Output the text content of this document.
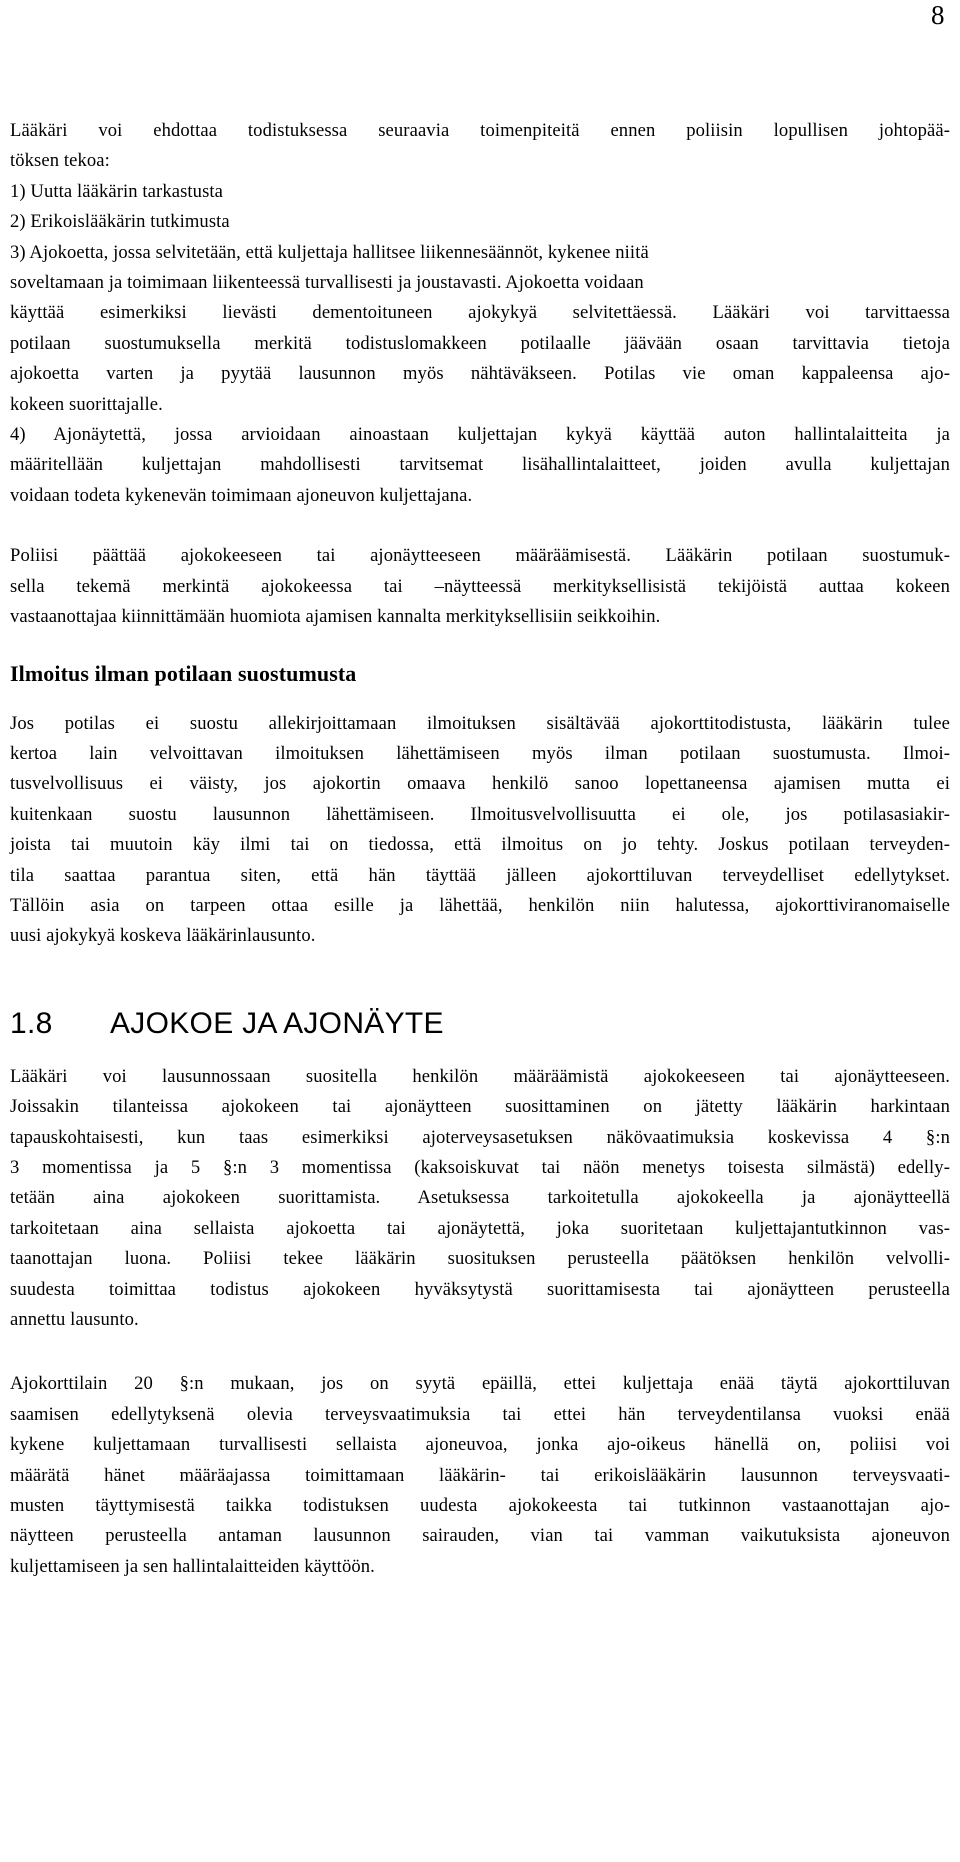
8
Lääkäri voi ehdottaa todistuksessa seuraavia toimenpiteitä ennen poliisin lopullisen johtopää-
töksen tekoa:
1) Uutta lääkärin tarkastusta
2) Erikoislääkärin tutkimusta
3) Ajokoetta, jossa selvitetään, että kuljettaja hallitsee liikennesäännöt, kykenee niitä
soveltamaan ja toimimaan liikenteessä turvallisesti ja joustavasti. Ajokoetta voidaan
käyttää esimerkiksi lievästi dementoituneen ajokykyä selvitettäessä. Lääkäri voi tarvittaessa
potilaan suostumuksella merkitä todistuslomakkeen potilaalle jäävään osaan tarvittavia tietoja
ajokoetta varten ja pyytää lausunnon myös nähtäväkseen. Potilas vie oman kappaleensa ajo-
kokeen suorittajalle.
4) Ajonäytettä, jossa arvioidaan ainoastaan kuljettajan kykyä käyttää auton hallintalaitteita ja
määritellään kuljettajan mahdollisesti tarvitsemat lisähallintalaitteet, joiden avulla kuljettajan
voidaan todeta kykenevän toimimaan ajoneuvon kuljettajana.
Poliisi päättää ajokokeeseen tai ajonäytteeseen määräämisestä. Lääkärin potilaan suostumuk-
sella tekemä merkintä ajokokeessa tai –näytteessä merkityksellisistä tekijöistä auttaa kokeen
vastaanottajaa kiinnittämään huomiota ajamisen kannalta merkityksellisiin seikkoihin.
Ilmoitus ilman potilaan suostumusta
Jos potilas ei suostu allekirjoittamaan ilmoituksen sisältävää ajokorttitodistusta, lääkärin tulee
kertoa lain velvoittavan ilmoituksen lähettämiseen myös ilman potilaan suostumusta. Ilmoi-
tusvelvollisuus ei väisty, jos ajokortin omaava henkilö sanoo lopettaneensa ajamisen mutta ei
kuitenkaan suostu lausunnon lähettämiseen. Ilmoitusvelvollisuutta ei ole, jos potilasasiakir-
joista tai muutoin käy ilmi tai on tiedossa, että ilmoitus on jo tehty. Joskus potilaan terveyden-
tila saattaa parantua siten, että hän täyttää jälleen ajokorttiluvan terveydelliset edellytykset.
Tällöin asia on tarpeen ottaa esille ja lähettää, henkilön niin halutessa, ajokorttiviranomaiselle
uusi ajokykyä koskeva lääkärinlausunto.
1.8 AJOKOE JA AJONÄYTE
Lääkäri voi lausunnossaan suositella henkilön määräämistä ajokokeeseen tai ajonäytteeseen.
Joissakin tilanteissa ajokokeen tai ajonäytteen suosittaminen on jätetty lääkärin harkintaan
tapauskohtaisesti, kun taas esimerkiksi ajoterveysasetuksen näkövaatimuksia koskevissa 4 §:n
3 momentissa ja 5 §:n 3 momentissa (kaksoiskuvat tai näön menetys toisesta silmästä) edelly-
tetään aina ajokokeen suorittamista. Asetuksessa tarkoitetulla ajokokeella ja ajonäytteellä
tarkoitetaan aina sellaista ajokoetta tai ajonäytettä, joka suoritetaan kuljettajantutkinnon vas-
taanottajan luona. Poliisi tekee lääkärin suosituksen perusteella päätöksen henkilön velvolli-
suudesta toimittaa todistus ajokokeen hyväksytystä suorittamisesta tai ajonäytteen perusteella
annettu lausunto.
Ajokorttilain 20 §:n mukaan, jos on syytä epäillä, ettei kuljettaja enää täytä ajokorttiluvan
saamisen edellytyksenä olevia terveysvaatimuksia tai ettei hän terveydentilansa vuoksi enää
kykene kuljettamaan turvallisesti sellaista ajoneuvoa, jonka ajo-oikeus hänellä on, poliisi voi
määrätä hänet määräajassa toimittamaan lääkärin- tai erikoislääkärin lausunnon terveysvaati-
musten täyttymisestä taikka todistuksen uudesta ajokokeesta tai tutkinnon vastaanottajan ajo-
näytteen perusteella antaman lausunnon sairauden, vian tai vamman vaikutuksista ajoneuvon
kuljettamiseen ja sen hallintalaitteiden käyttöön.
